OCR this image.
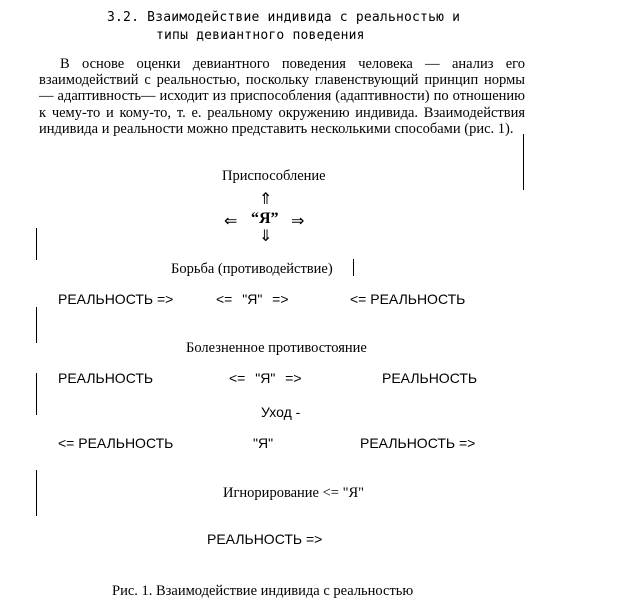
3.2. Взаимодействие индивида с реальностью и
типы девиантного поведения
В основе оценки девиантного поведения человека — анализ его взаимодействий с реальностью, поскольку главенствующий принцип нормы — адаптивность— исходит из приспособления (адаптивности) по отношению к чему-то и кому-то, т. е. реальному окружению индивида. Взаимодействия индивида и реальности можно представить несколькими способами (рис. 1).
Приспособление
⇑
⇐ “Я” ⇒
⇓
Борьба (противодействие)
РЕАЛЬНОСТЬ =>	<= "Я" =>	<= РЕАЛЬНОСТЬ
Болезненное противостояние
РЕАЛЬНОСТЬ	<= "Я" =>	РЕАЛЬНОСТЬ
Уход -
<= РЕАЛЬНОСТЬ	"Я"	РЕАЛЬНОСТЬ =>
Игнорирование <= "Я"
РЕАЛЬНОСТЬ =>
Рис. 1. Взаимодействие индивида с реальностью
